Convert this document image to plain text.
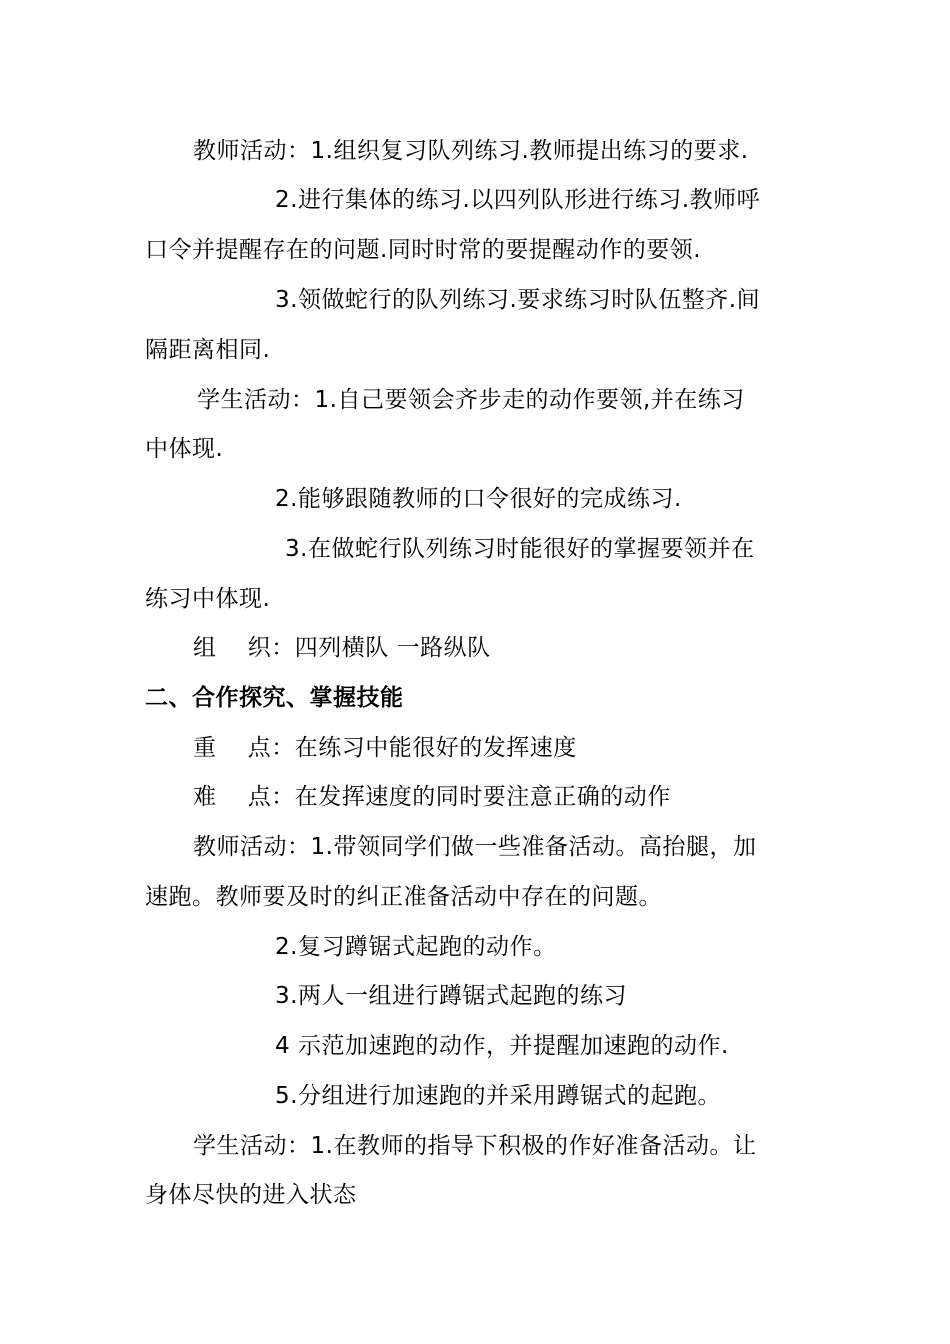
教师活动：1.组织复习队列练习.教师提出练习的要求.
2.进行集体的练习.以四列队形进行练习.教师呼
口令并提醒存在的问题.同时时常的要提醒动作的要领.
3.领做蛇行的队列练习.要求练习时队伍整齐.间
隔距离相同.
学生活动：1.自己要领会齐步走的动作要领,并在练习
中体现.
2.能够跟随教师的口令很好的完成练习.
3.在做蛇行队列练习时能很好的掌握要领并在
练习中体现.
组　 织：四列横队 一路纵队
二、合作探究、掌握技能
重　 点：在练习中能很好的发挥速度
难　 点：在发挥速度的同时要注意正确的动作
教师活动：1.带领同学们做一些准备活动。高抬腿，加
速跑。教师要及时的纠正准备活动中存在的问题。
2.复习蹲锯式起跑的动作。
3.两人一组进行蹲锯式起跑的练习
4 示范加速跑的动作，并提醒加速跑的动作.
5.分组进行加速跑的并采用蹲锯式的起跑。
学生活动：1.在教师的指导下积极的作好准备活动。让
身体尽快的进入状态
